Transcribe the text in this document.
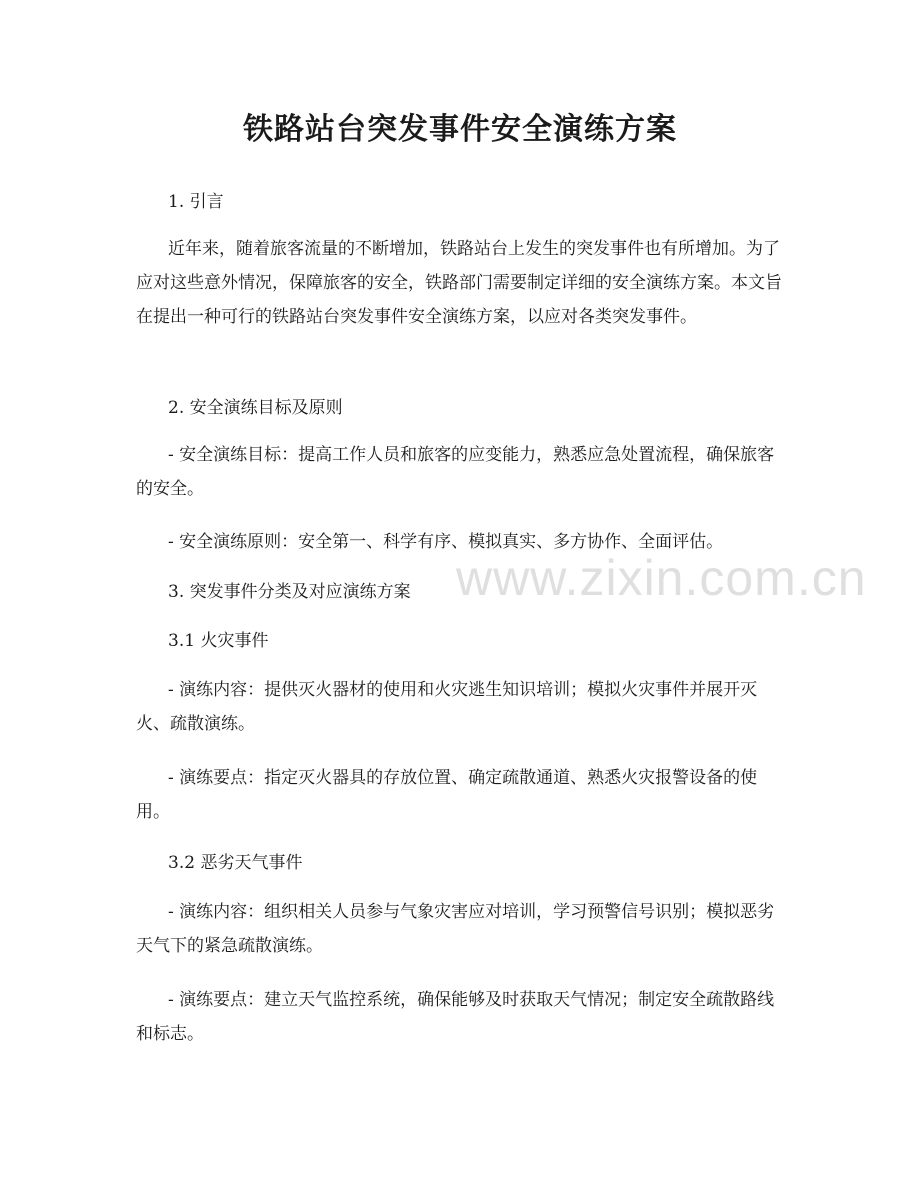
铁路站台突发事件安全演练方案

1. 引言

近年来，随着旅客流量的不断增加，铁路站台上发生的突发事件也有所增加。为了应对这些意外情况，保障旅客的安全，铁路部门需要制定详细的安全演练方案。本文旨在提出一种可行的铁路站台突发事件安全演练方案，以应对各类突发事件。

2. 安全演练目标及原则

- 安全演练目标：提高工作人员和旅客的应变能力，熟悉应急处置流程，确保旅客的安全。

- 安全演练原则：安全第一、科学有序、模拟真实、多方协作、全面评估。

3. 突发事件分类及对应演练方案

3.1 火灾事件

- 演练内容：提供灭火器材的使用和火灾逃生知识培训；模拟火灾事件并展开灭火、疏散演练。

- 演练要点：指定灭火器具的存放位置、确定疏散通道、熟悉火灾报警设备的使用。

3.2 恶劣天气事件

- 演练内容：组织相关人员参与气象灾害应对培训，学习预警信号识别；模拟恶劣天气下的紧急疏散演练。

- 演练要点：建立天气监控系统，确保能够及时获取天气情况；制定安全疏散路线和标志。

www.zixin.com.cn
